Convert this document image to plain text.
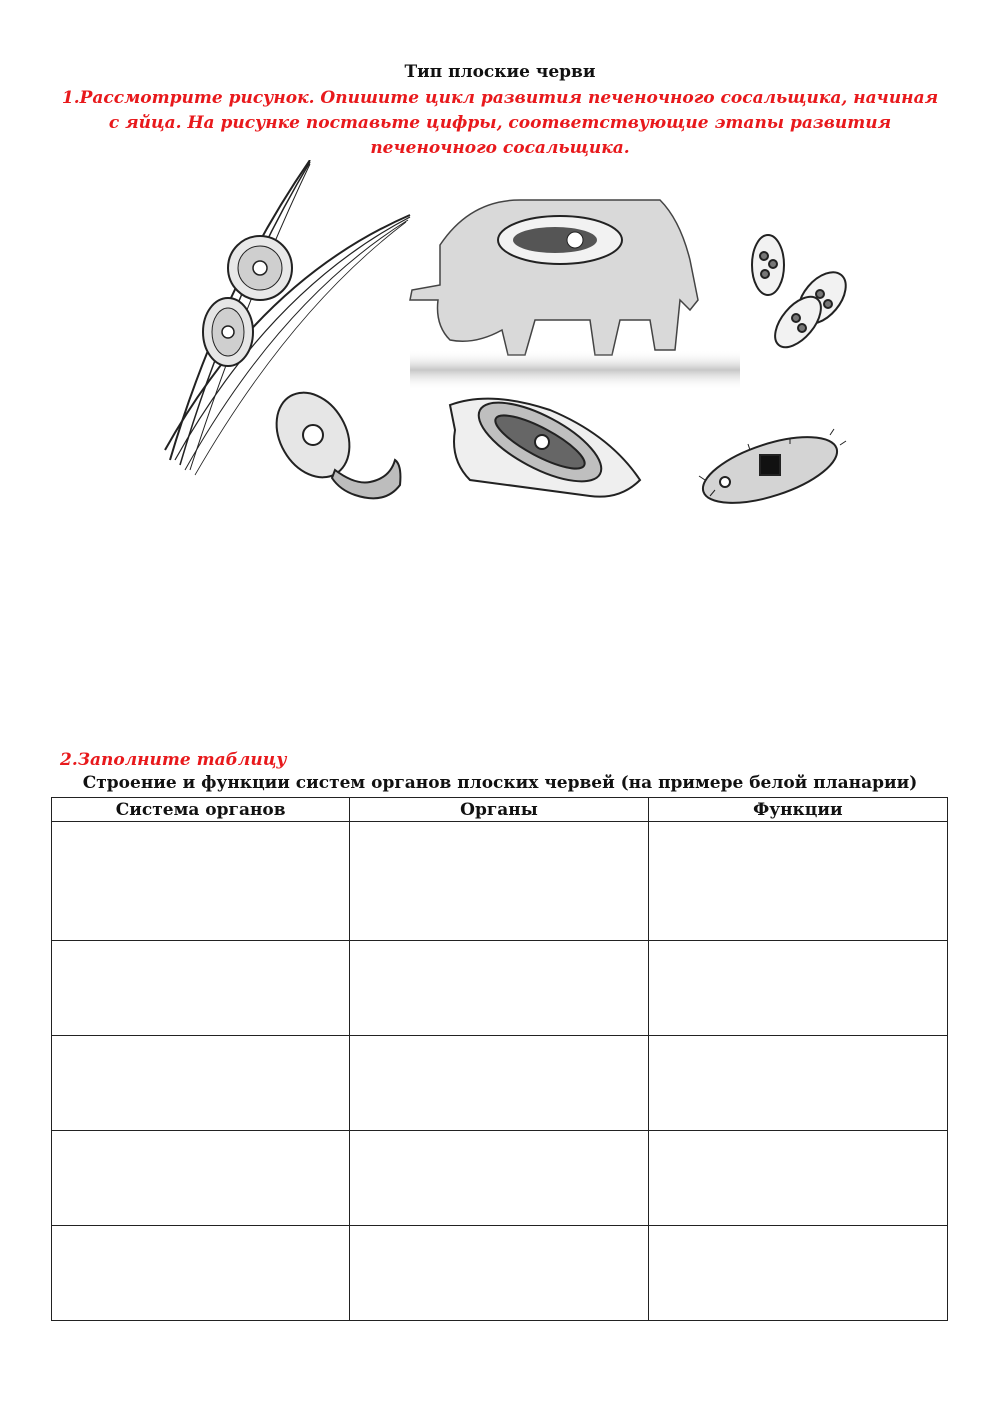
Тип плоские черви
1.Рассмотрите рисунок. Опишите цикл развития печеночного сосальщика, начиная с яйца. На рисунке поставьте цифры, соответствующие этапы развития печеночного сосальщика.
2.Заполните таблицу
Строение и функции систем органов плоских червей (на примере белой планарии)
Система органов	Органы	Функции
